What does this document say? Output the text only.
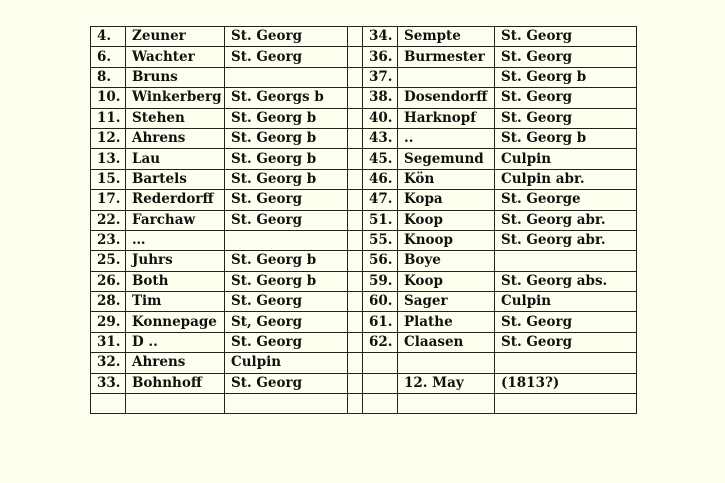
4.	Zeuner	St. Georg		34.	Sempte	St. Georg
6.	Wachter	St. Georg		36.	Burmester	St. Georg
8.	Bruns			37.		St. Georg b
10.	Winkerberg	St. Georgs b		38.	Dosendorff	St. Georg
11.	Stehen	St. Georg b		40.	Harknopf	St. Georg
12.	Ahrens	St. Georg b		43.	..	St. Georg b
13.	Lau	St. Georg b		45.	Segemund	Culpin
15.	Bartels	St. Georg b		46.	Kön	Culpin abr.
17.	Rederdorff	St. Georg		47.	Kopa	St. George
22.	Farchaw	St. Georg		51.	Koop	St. Georg abr.
23.	…			55.	Knoop	St. Georg abr.
25.	Juhrs	St. Georg b		56.	Boye	
26.	Both	St. Georg b		59.	Koop	St. Georg abs.
28.	Tim	St. Georg		60.	Sager	Culpin
29.	Konnepage	St, Georg		61.	Plathe	St. Georg
31.	D ..	St. Georg		62.	Claasen	St. Georg
32.	Ahrens	Culpin				
33.	Bohnhoff	St. Georg			12. May	(1813?)
